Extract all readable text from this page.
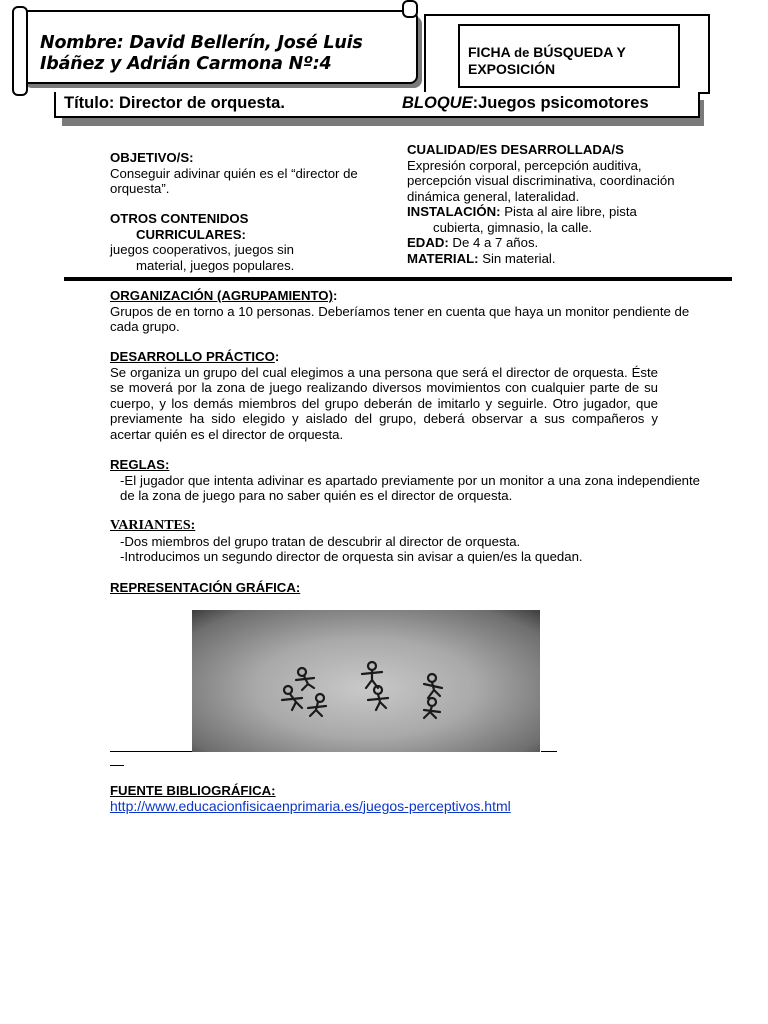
Nombre: David Bellerín, José Luis
Ibáñez y Adrián Carmona Nº:4
FICHA de BÚSQUEDA Y
EXPOSICIÓN
Título: Director de orquesta.	BLOQUE:Juegos psicomotores
OBJETIVO/S:
Conseguir adivinar quién es el “director de orquesta”.
OTROS CONTENIDOS
CURRICULARES:
juegos cooperativos, juegos sin
material, juegos populares.
CUALIDAD/ES DESARROLLADA/S
Expresión corporal, percepción auditiva, percepción visual discriminativa, coordinación dinámica general, lateralidad.
INSTALACIÓN: Pista al aire libre, pista
cubierta, gimnasio, la calle.
EDAD: De 4 a 7 años.
MATERIAL: Sin material.
ORGANIZACIÓN (AGRUPAMIENTO):
Grupos de en torno a 10 personas. Deberíamos tener en cuenta que haya un monitor pendiente de cada grupo.
DESARROLLO PRÁCTICO:
Se organiza un grupo del cual elegimos a una persona que será el director de orquesta. Éste se moverá por la zona de juego realizando diversos movimientos con cualquier parte de su cuerpo, y los demás miembros del grupo deberán de imitarlo y seguirle. Otro jugador, que previamente ha sido elegido y aislado del grupo, deberá observar a sus compañeros y acertar quién es el director de orquesta.
REGLAS:
-El jugador que intenta adivinar es apartado previamente por un monitor a una zona independiente de la zona de juego para no saber quién es el director de orquesta.
VARIANTES:
-Dos miembros del grupo tratan de descubrir al director de orquesta.
-Introducimos un segundo director de orquesta sin avisar a quien/es la quedan.
REPRESENTACIÓN GRÁFICA:
FUENTE BIBLIOGRÁFICA:
http://www.educacionfisicaenprimaria.es/juegos-perceptivos.html
